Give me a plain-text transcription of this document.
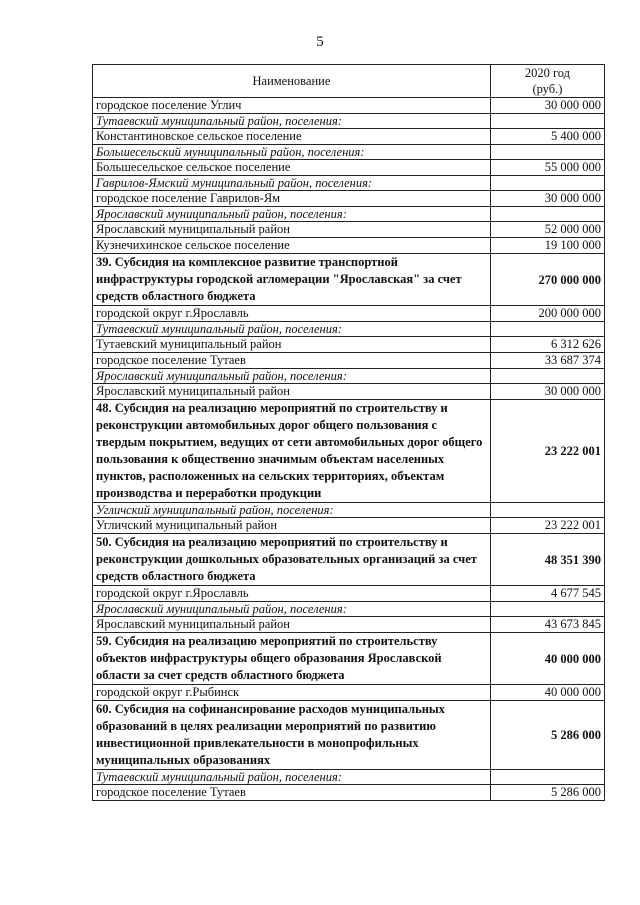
5
Наименование	2020 год
(руб.)

городское поселение Углич	30 000 000
Тутаевский муниципальный район, поселения:	
Константиновское сельское поселение	5 400 000
Большесельский муниципальный район, поселения:	
Большесельское сельское поселение	55 000 000
Гаврилов-Ямский муниципальный район, поселения:	
городское поселение Гаврилов-Ям	30 000 000
Ярославский муниципальный район, поселения:	
Ярославский муниципальный район	52 000 000
Кузнечихинское сельское поселение	19 100 000
39. Субсидия на комплексное развитие транспортной инфраструктуры городской агломерации "Ярославская" за счет средств областного бюджета	270 000 000
городской округ г.Ярославль	200 000 000
Тутаевский муниципальный район, поселения:	
Тутаевский муниципальный район	6 312 626
городское поселение Тутаев	33 687 374
Ярославский муниципальный район, поселения:	
Ярославский муниципальный район	30 000 000
48. Субсидия на реализацию мероприятий по строительству и реконструкции автомобильных дорог общего пользования с твердым покрытием, ведущих от сети автомобильных дорог общего пользования к общественно значимым объектам населенных пунктов, расположенных на сельских территориях, объектам производства и переработки продукции	23 222 001
Угличский муниципальный район, поселения:	
Угличский муниципальный район	23 222 001
50. Субсидия на реализацию мероприятий по строительству и реконструкции дошкольных образовательных организаций за счет средств областного бюджета	48 351 390
городской округ г.Ярославль	4 677 545
Ярославский муниципальный район, поселения:	
Ярославский муниципальный район	43 673 845
59. Субсидия на реализацию мероприятий по строительству объектов инфраструктуры общего образования Ярославской области за счет средств областного бюджета	40 000 000
городской округ г.Рыбинск	40 000 000
60. Субсидия на софинансирование расходов муниципальных образований в целях реализации мероприятий по развитию инвестиционной привлекательности в монопрофильных муниципальных образованиях	5 286 000
Тутаевский муниципальный район, поселения:	
городское поселение Тутаев	5 286 000
